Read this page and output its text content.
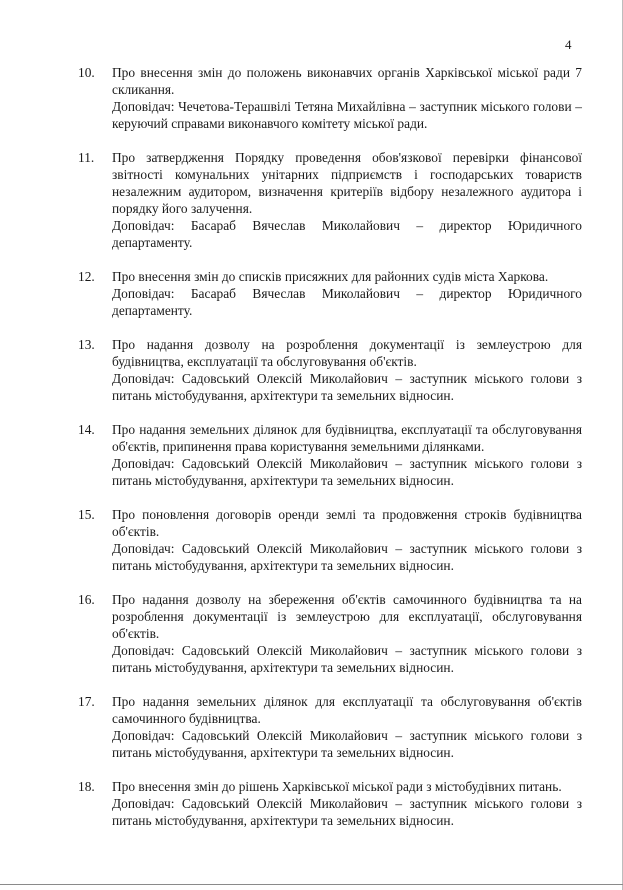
4
10.	Про внесення змін до положень виконавчих органів Харківської міської ради 7 скликання.

Доповідач: Чечетова-Терашвілі Тетяна Михайлівна – заступник міського голови – керуючий справами виконавчого комітету міської ради.

11.	Про затвердження Порядку проведення обов'язкової перевірки фінансової звітності комунальних унітарних підприємств і господарських товариств незалежним аудитором, визначення критеріїв відбору незалежного аудитора і порядку його залучення.

Доповідач: Басараб Вячеслав Миколайович – директор Юридичного департаменту.

12.	Про внесення змін до списків присяжних для районних судів міста Харкова.

Доповідач: Басараб Вячеслав Миколайович – директор Юридичного департаменту.

13.	Про надання дозволу на розроблення документації із землеустрою для будівництва, експлуатації та обслуговування об'єктів.

Доповідач: Садовський Олексій Миколайович – заступник міського голови з питань містобудування, архітектури та земельних відносин.

14.	Про надання земельних ділянок для будівництва, експлуатації та обслуговування об'єктів, припинення права користування земельними ділянками.

Доповідач: Садовський Олексій Миколайович – заступник міського голови з питань містобудування, архітектури та земельних відносин.

15.	Про поновлення договорів оренди землі та продовження строків будівництва об'єктів.

Доповідач: Садовський Олексій Миколайович – заступник міського голови з питань містобудування, архітектури та земельних відносин.

16.	Про надання дозволу на збереження об'єктів самочинного будівництва та на розроблення документації із землеустрою для експлуатації, обслуговування об'єктів.

Доповідач: Садовський Олексій Миколайович – заступник міського голови з питань містобудування, архітектури та земельних відносин.

17.	Про надання земельних ділянок для експлуатації та обслуговування об'єктів самочинного будівництва.

Доповідач: Садовський Олексій Миколайович – заступник міського голови з питань містобудування, архітектури та земельних відносин.

18.	Про внесення змін до рішень Харківської міської ради з містобудівних питань.

Доповідач: Садовський Олексій Миколайович – заступник міського голови з питань містобудування, архітектури та земельних відносин.
